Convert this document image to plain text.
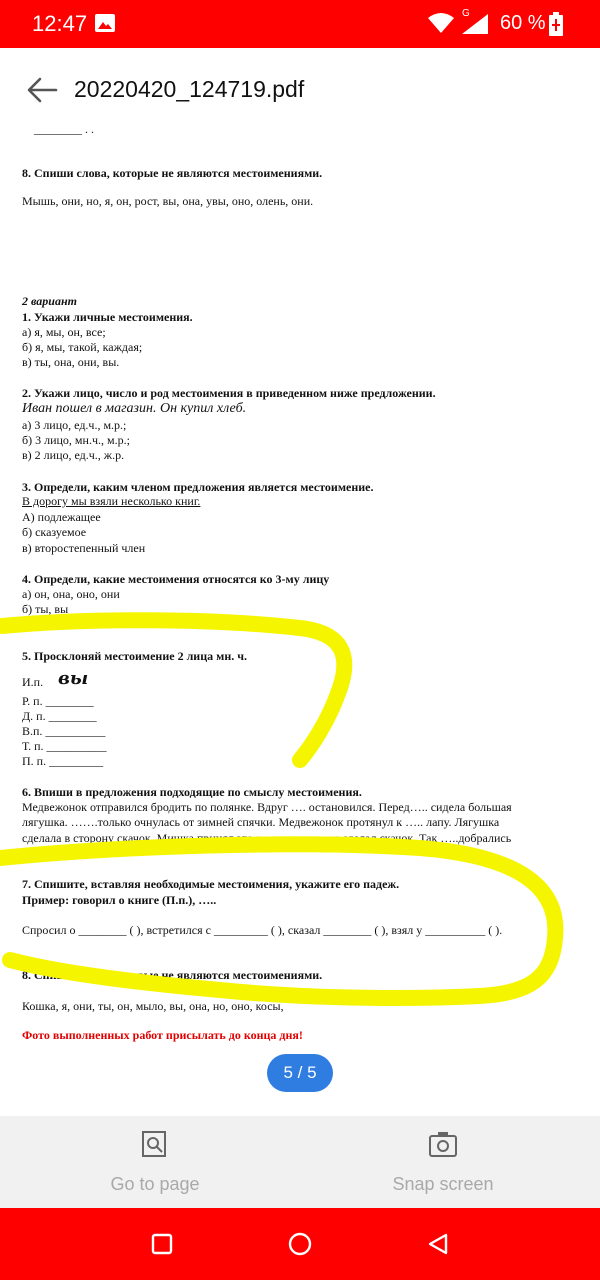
12:47	G 60 %
20220420_124719.pdf
________ . .
8. Спиши слова, которые не являются местоимениями.
Мышь, они, но, я, он, рост, вы, она, увы, оно, олень, они.
2 вариант
1. Укажи личные местоимения.
а) я, мы, он, все;
б) я, мы, такой, каждая;
в) ты, она, они, вы.
2. Укажи лицо, число и род местоимения в приведенном ниже предложении.
Иван пошел в магазин. Он купил хлеб.
а) 3 лицо, ед.ч., м.р.;
б) 3 лицо, мн.ч., м.р.;
в) 2 лицо, ед.ч., ж.р.
3. Определи, каким членом предложения является местоимение.
В дорогу мы взяли несколько книг.
А) подлежащее
б) сказуемое
в) второстепенный член
4. Определи, какие местоимения относятся ко 3-му лицу
а) он, она, оно, они
б) ты, вы
5. Просклоняй местоимение 2 лица мн. ч.
И.п. вы
Р. п. ________
Д. п. ________
В.п. __________
Т. п. __________
П. п. _________
6. Впиши в предложения подходящие по смыслу местоимения.
Медвежонок отправился бродить по полянке. Вдруг …. остановился. Перед….. сидела большая
лягушка. …….только очнулась от зимней спячки. Медвежонок протянул к ….. лапу. Лягушка
сделала в сторону скачок. Мишка принял это за игру. …..тоже сделал скачок. Так …..добрались
до лужи.
7. Спишите, вставляя необходимые местоимения, укажите его падеж.
Пример: говорил о книге (П.п.), …..
Спросил о ________ ( ), встретился с _________ ( ), сказал ________ ( ), взял у __________ ( ).
8. Спиши слова, которые не являются местоимениями.
Кошка, я, они, ты, он, мыло, вы, она, но, оно, косы,
Фото выполненных работ присылать до конца дня!
5 / 5
Go to page	Snap screen
